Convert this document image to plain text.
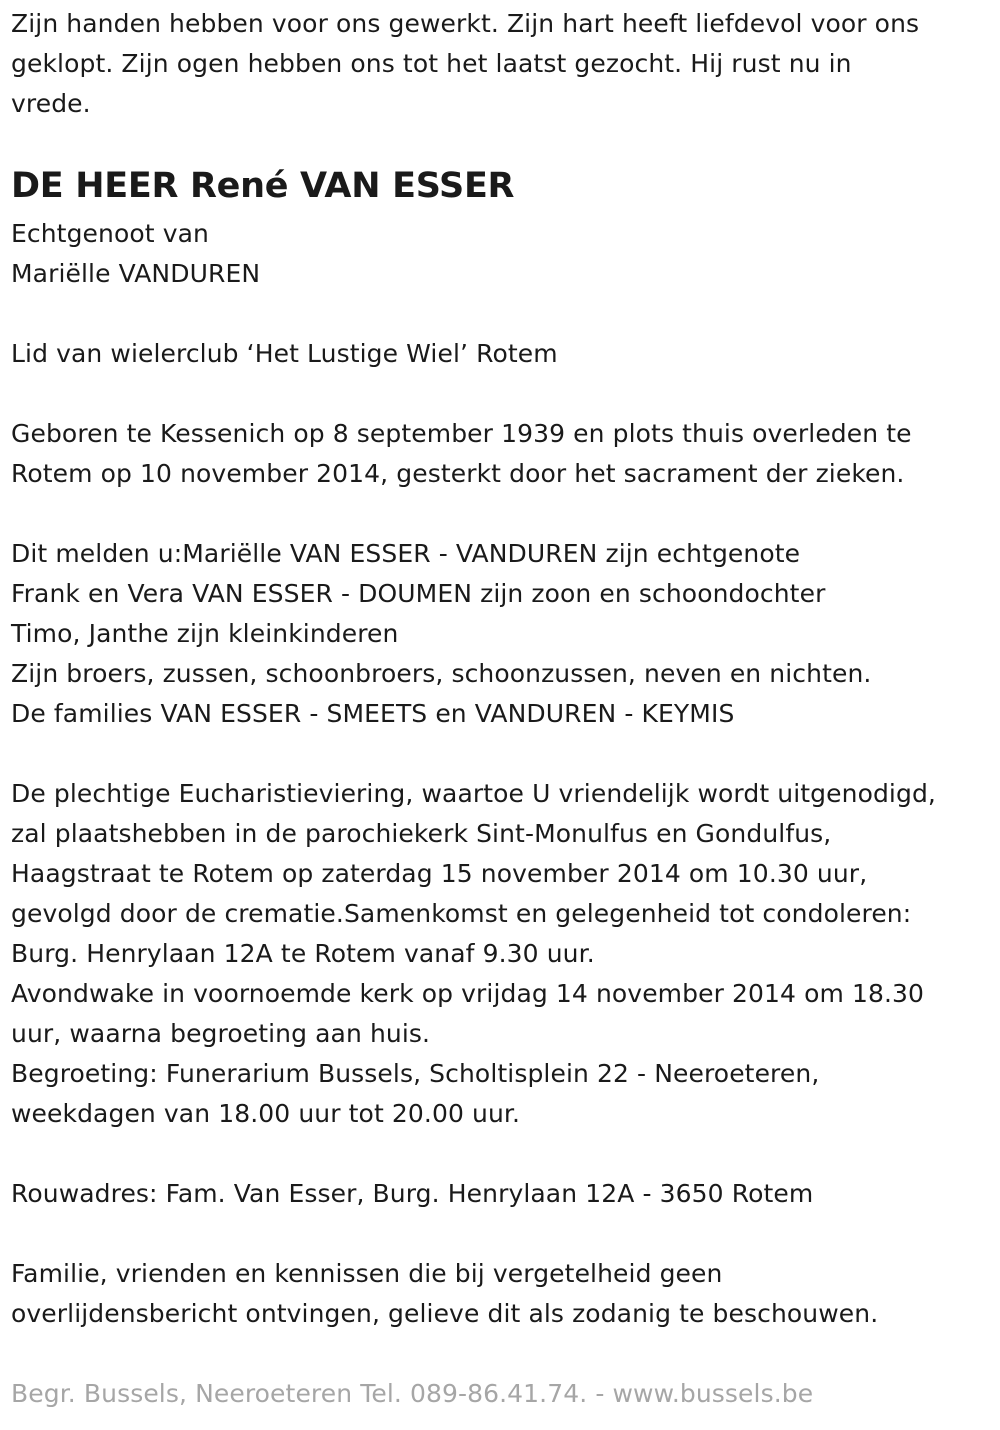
Zijn handen hebben voor ons gewerkt. Zijn hart heeft liefdevol voor ons
geklopt. Zijn ogen hebben ons tot het laatst gezocht. Hij rust nu in
vrede.
DE HEER René VAN ESSER
Echtgenoot van
Mariëlle VANDUREN
Lid van wielerclub ‘Het Lustige Wiel’ Rotem
Geboren te Kessenich op 8 september 1939 en plots thuis overleden te
Rotem op 10 november 2014, gesterkt door het sacrament der zieken.
Dit melden u:Mariëlle VAN ESSER - VANDUREN zijn echtgenote
Frank en Vera VAN ESSER - DOUMEN zijn zoon en schoondochter
Timo, Janthe zijn kleinkinderen
Zijn broers, zussen, schoonbroers, schoonzussen, neven en nichten.
De families VAN ESSER - SMEETS en VANDUREN - KEYMIS
De plechtige Eucharistieviering, waartoe U vriendelijk wordt uitgenodigd,
zal plaatshebben in de parochiekerk Sint-Monulfus en Gondulfus,
Haagstraat te Rotem op zaterdag 15 november 2014 om 10.30 uur,
gevolgd door de crematie.Samenkomst en gelegenheid tot condoleren:
Burg. Henrylaan 12A te Rotem vanaf 9.30 uur.
Avondwake in voornoemde kerk op vrijdag 14 november 2014 om 18.30
uur, waarna begroeting aan huis.
Begroeting: Funerarium Bussels, Scholtisplein 22 - Neeroeteren,
weekdagen van 18.00 uur tot 20.00 uur.
Rouwadres: Fam. Van Esser, Burg. Henrylaan 12A - 3650 Rotem
Familie, vrienden en kennissen die bij vergetelheid geen
overlijdensbericht ontvingen, gelieve dit als zodanig te beschouwen.
Begr. Bussels, Neeroeteren Tel. 089-86.41.74. - www.bussels.be
